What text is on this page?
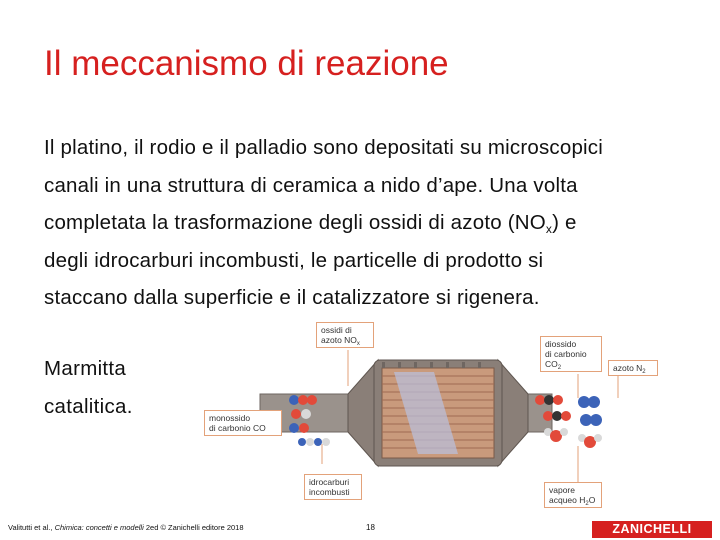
Il meccanismo di reazione

Il platino, il rodio e il palladio sono depositati su microscopici

canali in una struttura di ceramica a nido d’ape. Una volta

completata la trasformazione degli ossidi di azoto $(NO_x)$ e

degli idrocarburi incombusti, le particelle di prodotto si

staccano dalla superficie e il catalizzatore si rigenera.

Marmitta

catalitica.

ossidi di
azoto $NO_x$	diossido
di carbonio
$CO_2$	azoto $N_2$
monossido
di carbonio CO
idrocarburi
incombusti	vapore
acqueo $H_2O$
Valitutti et al., Chimica: concetti e modelli 2ed © Zanichelli editore 2018	18	ZANICHELLI
